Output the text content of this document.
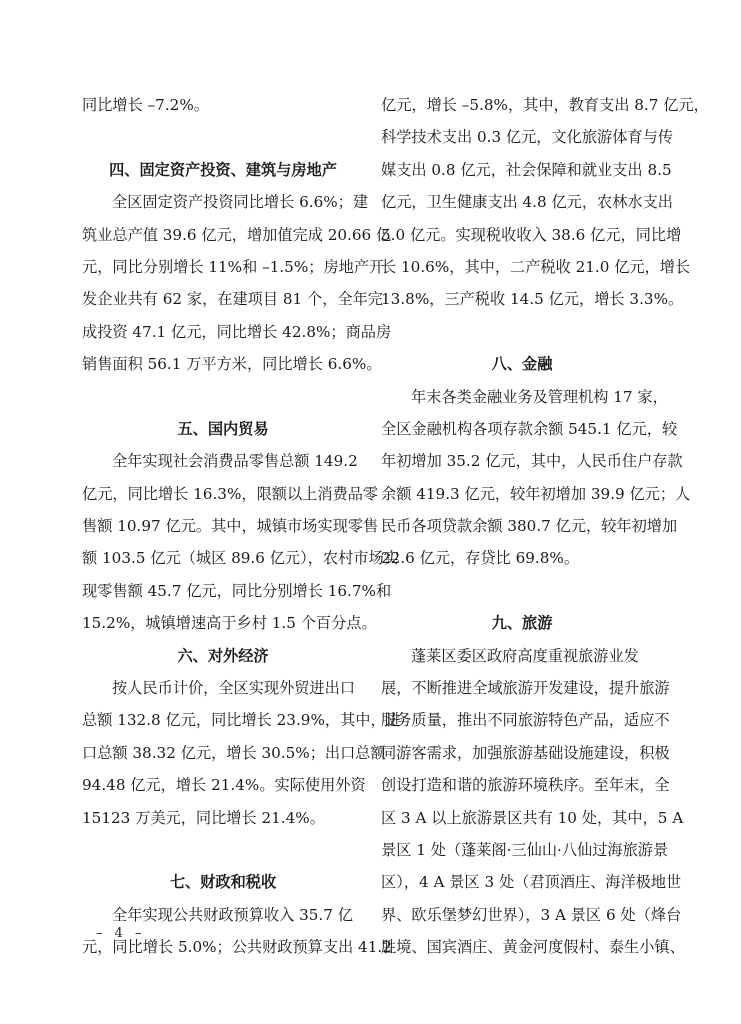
同比增长 –7.2%。
四、固定资产投资、建筑与房地产
全区固定资产投资同比增长 6.6%；建
筑业总产值 39.6 亿元，增加值完成 20.66 亿
元，同比分别增长 11%和 –1.5%；房地产开
发企业共有 62 家，在建项目 81 个，全年完
成投资 47.1 亿元，同比增长 42.8%；商品房
销售面积 56.1 万平方米，同比增长 6.6%。
五、国内贸易
全年实现社会消费品零售总额 149.2
亿元，同比增长 16.3%，限额以上消费品零
售额 10.97 亿元。其中，城镇市场实现零售
额 103.5 亿元（城区 89.6 亿元），农村市场实
现零售额 45.7 亿元，同比分别增长 16.7%和
15.2%，城镇增速高于乡村 1.5 个百分点。
六、对外经济
按人民币计价，全区实现外贸进出口
总额 132.8 亿元，同比增长 23.9%，其中，进
口总额 38.32 亿元，增长 30.5%；出口总额
94.48 亿元，增长 21.4%。实际使用外资
15123 万美元，同比增长 21.4%。
七、财政和税收
全年实现公共财政预算收入 35.7 亿
元，同比增长 5.0%；公共财政预算支出 41.2
亿元，增长 –5.8%，其中，教育支出 8.7 亿元，
科学技术支出 0.3 亿元，文化旅游体育与传
媒支出 0.8 亿元，社会保障和就业支出 8.5
亿元，卫生健康支出 4.8 亿元，农林水支出
5.0 亿元。实现税收收入 38.6 亿元，同比增
长 10.6%，其中，二产税收 21.0 亿元，增长
13.8%，三产税收 14.5 亿元，增长 3.3%。
八、金融
年末各类金融业务及管理机构 17 家，
全区金融机构各项存款余额 545.1 亿元，较
年初增加 35.2 亿元，其中，人民币住户存款
余额 419.3 亿元，较年初增加 39.9 亿元；人
民币各项贷款余额 380.7 亿元，较年初增加
22.6 亿元，存贷比 69.8%。
九、旅游
蓬莱区委区政府高度重视旅游业发
展，不断推进全域旅游开发建设，提升旅游
服务质量，推出不同旅游特色产品，适应不
同游客需求，加强旅游基础设施建设，积极
创设打造和谐的旅游环境秩序。至年末，全
区 3 A 以上旅游景区共有 10 处，其中，5 A
景区 1 处（蓬莱阁·三仙山·八仙过海旅游景
区），4 A 景区 3 处（君顶酒庄、海洋极地世
界、欧乐堡梦幻世界），3 A 景区 6 处（烽台
胜境、国宾酒庄、黄金河度假村、泰生小镇、
– 4 –
